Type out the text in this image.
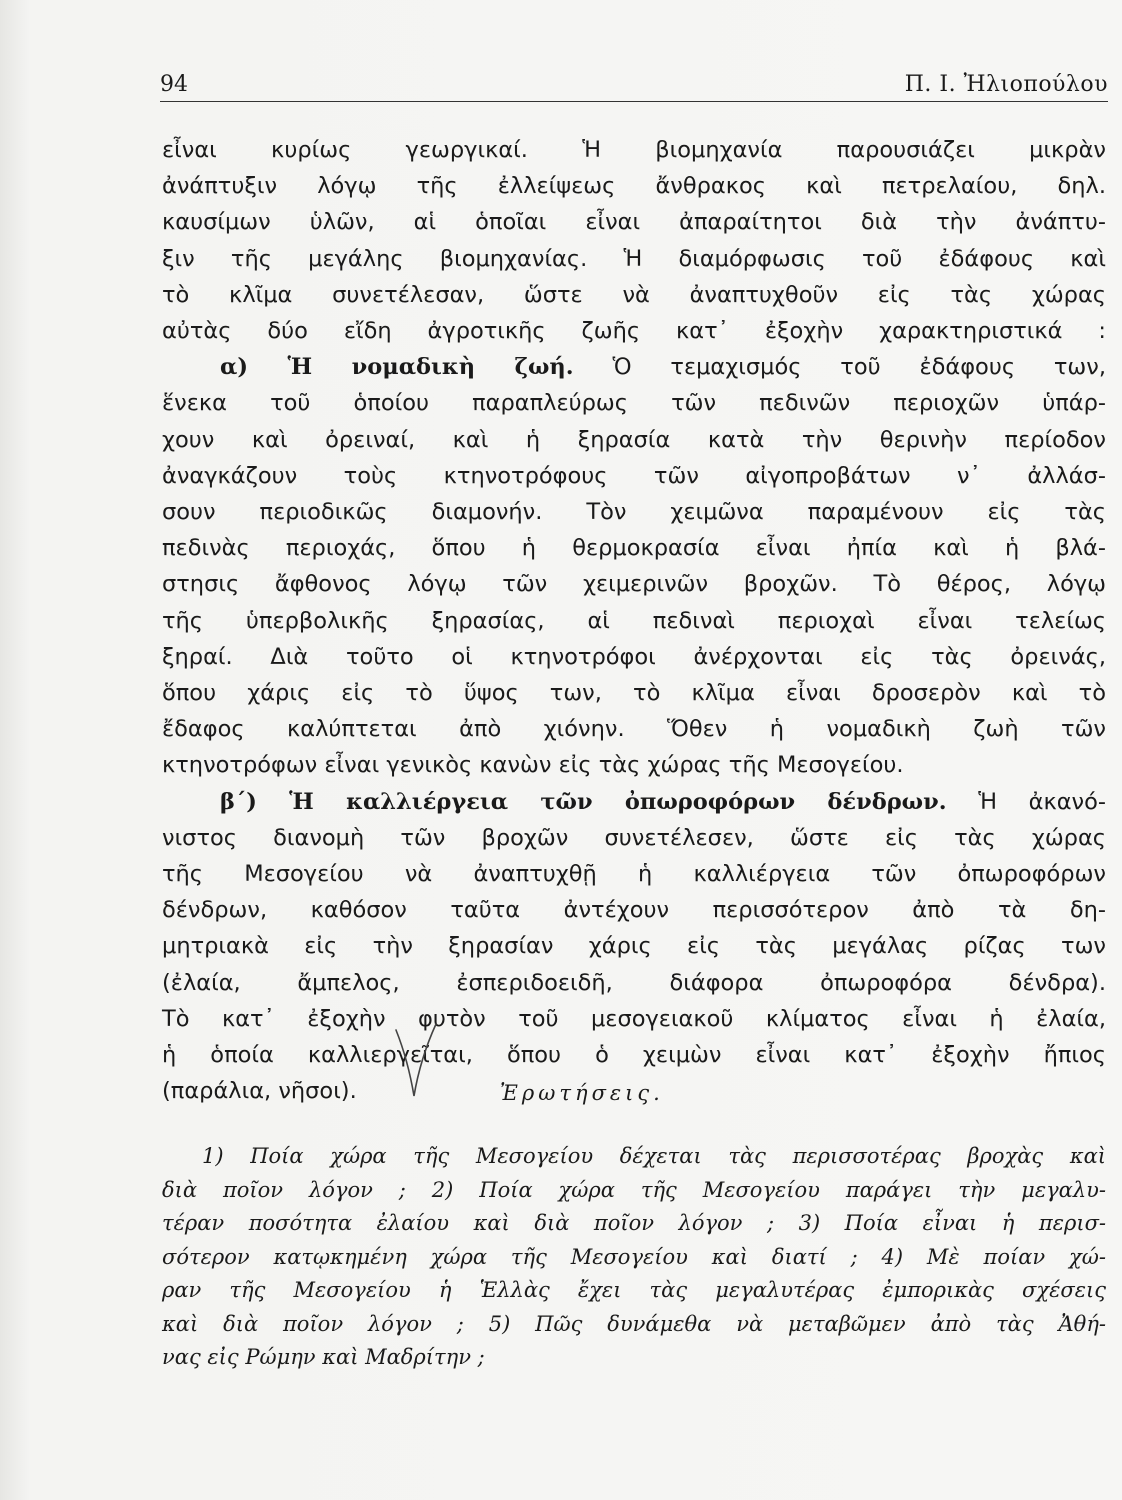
94	Π. Ι. Ἠλιοπούλου
εἶναι κυρίως γεωργικαί. Ἡ βιομηχανία παρουσιάζει μικρὰν
ἀνάπτυξιν λόγῳ τῆς ἐλλείψεως ἄνθρακος καὶ πετρελαίου, δηλ.
καυσίμων ὑλῶν, αἱ ὁποῖαι εἶναι ἀπαραίτητοι διὰ τὴν ἀνάπτυ-
ξιν τῆς μεγάλης βιομηχανίας. Ἡ διαμόρφωσις τοῦ ἐδάφους καὶ
τὸ κλῖμα συνετέλεσαν, ὥστε νὰ ἀναπτυχθοῦν εἰς τὰς χώρας
αὐτὰς δύο εἴδη ἀγροτικῆς ζωῆς κατ᾽ ἐξοχὴν χαρακτηριστικά :
α) Ἡ νομαδικὴ ζωή. Ὁ τεμαχισμός τοῦ ἐδάφους των,
ἕνεκα τοῦ ὁποίου παραπλεύρως τῶν πεδινῶν περιοχῶν ὑπάρ-
χουν καὶ ὀρειναί, καὶ ἡ ξηρασία κατὰ τὴν θερινὴν περίοδον
ἀναγκάζουν τοὺς κτηνοτρόφους τῶν αἰγοπροβάτων ν᾽ ἀλλάσ-
σουν περιοδικῶς διαμονήν. Τὸν χειμῶνα παραμένουν εἰς τὰς
πεδινὰς περιοχάς, ὅπου ἡ θερμοκρασία εἶναι ἠπία καὶ ἡ βλά-
στησις ἄφθονος λόγῳ τῶν χειμερινῶν βροχῶν. Τὸ θέρος, λόγῳ
τῆς ὑπερβολικῆς ξηρασίας, αἱ πεδιναὶ περιοχαὶ εἶναι τελείως
ξηραί. Διὰ τοῦτο οἱ κτηνοτρόφοι ἀνέρχονται εἰς τὰς ὀρεινάς,
ὅπου χάρις εἰς τὸ ὕψος των, τὸ κλῖμα εἶναι δροσερὸν καὶ τὸ
ἔδαφος καλύπτεται ἀπὸ χιόνην. Ὅθεν ἡ νομαδικὴ ζωὴ τῶν
κτηνοτρόφων εἶναι γενικὸς κανὼν εἰς τὰς χώρας τῆς Μεσογείου.
β΄) Ἡ καλλιέργεια τῶν ὀπωροφόρων δένδρων. Ἡ ἀκανό-
νιστος διανομὴ τῶν βροχῶν συνετέλεσεν, ὥστε εἰς τὰς χώρας
τῆς Μεσογείου νὰ ἀναπτυχθῇ ἡ καλλιέργεια τῶν ὀπωροφόρων
δένδρων, καθόσον ταῦτα ἀντέχουν περισσότερον ἀπὸ τὰ δη-
μητριακὰ εἰς τὴν ξηρασίαν χάρις εἰς τὰς μεγάλας ρίζας των
(ἐλαία, ἄμπελος, ἐσπεριδοειδῆ, διάφορα ὀπωροφόρα δένδρα).
Τὸ κατ᾽ ἐξοχὴν φυτὸν τοῦ μεσογειακοῦ κλίματος εἶναι ἡ ἐλαία,
ἡ ὁποία καλλιεργεῖται, ὅπου ὁ χειμὼν εἶναι κατ᾽ ἐξοχὴν ἤπιος
(παράλια, νῆσοι).	Ἐρωτήσεις.
1) Ποία χώρα τῆς Μεσογείου δέχεται τὰς περισσοτέρας βροχὰς καὶ
διὰ ποῖον λόγον ; 2) Ποία χώρα τῆς Μεσογείου παράγει τὴν μεγαλυ-
τέραν ποσότητα ἐλαίου καὶ διὰ ποῖον λόγον ; 3) Ποία εἶναι ἡ περισ-
σότερον κατῳκημένη χώρα τῆς Μεσογείου καὶ διατί ; 4) Μὲ ποίαν χώ-
ραν τῆς Μεσογείου ἡ Ἑλλὰς ἔχει τὰς μεγαλυτέρας ἐμπορικὰς σχέσεις
καὶ διὰ ποῖον λόγον ; 5) Πῶς δυνάμεθα νὰ μεταβῶμεν ἀπὸ τὰς Ἀθή-
νας εἰς Ρώμην καὶ Μαδρίτην ;
